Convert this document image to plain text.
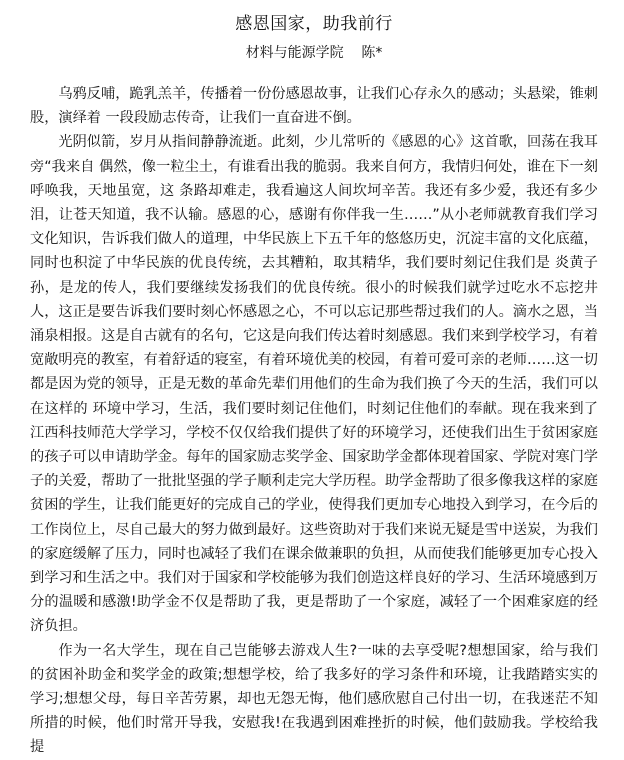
感恩国家，助我前行
材料与能源学院    陈*

乌鸦反哺，跪乳羔羊，传播着一份份感恩故事，让我们心存永久的感动；头悬梁，锥刺股，演绎着 一段段励志传奇，让我们一直奋进不倒。

光阴似箭，岁月从指间静静流逝。此刻，少儿常听的《感恩的心》这首歌，回荡在我耳旁“我来自 偶然，像一粒尘土，有谁看出我的脆弱。我来自何方，我情归何处，谁在下一刻呼唤我，天地虽宽，这 条路却难走，我看遍这人间坎坷辛苦。我还有多少爱，我还有多少泪，让苍天知道，我不认输。感恩的心，感谢有你伴我一生……”从小老师就教育我们学习文化知识，告诉我们做人的道理，中华民族上下五千年的悠悠历史，沉淀丰富的文化底蕴，同时也积淀了中华民族的优良传统，去其糟粕，取其精华，我们要时刻记住我们是 炎黄子孙，是龙的传人，我们要继续发扬我们的优良传统。很小的时候我们就学过吃水不忘挖井人，这正是要告诉我们要时刻心怀感恩之心，不可以忘记那些帮过我们的人。滴水之恩，当涌泉相报。这是自古就有的名句，它这是向我们传达着时刻感恩。我们来到学校学习，有着宽敞明亮的教室，有着舒适的寝室，有着环境优美的校园，有着可爱可亲的老师……这一切都是因为党的领导，正是无数的革命先辈们用他们的生命为我们换了今天的生活，我们可以在这样的 环境中学习，生活，我们要时刻记住他们，时刻记住他们的奉献。现在我来到了江西科技师范大学学习，学校不仅仅给我们提供了好的环境学习，还使我们出生于贫困家庭的孩子可以申请助学金。每年的国家励志奖学金、国家助学金都体现着国家、学院对寒门学子的关爱，帮助了一批批坚强的学子顺利走完大学历程。助学金帮助了很多像我这样的家庭贫困的学生，让我们能更好的完成自己的学业，使得我们更加专心地投入到学习，在今后的工作岗位上，尽自己最大的努力做到最好。这些资助对于我们来说无疑是雪中送炭，为我们的家庭缓解了压力，同时也减轻了我们在课余做兼职的负担，从而使我们能够更加专心投入到学习和生活之中。我们对于国家和学校能够为我们创造这样良好的学习、生活环境感到万分的温暖和感激!助学金不仅是帮助了我，更是帮助了一个家庭，减轻了一个困难家庭的经济负担。

作为一名大学生，现在自己岂能够去游戏人生?一味的去享受呢?想想国家，给与我们的贫困补助金和奖学金的政策;想想学校，给了我多好的学习条件和环境，让我踏踏实实的学习;想想父母，每日辛苦劳累，却也无怨无悔，他们感欣慰自己付出一切，在我迷茫不知所措的时候，他们时常开导我，安慰我!在我遇到困难挫折的时候，他们鼓励我。学校给我提
